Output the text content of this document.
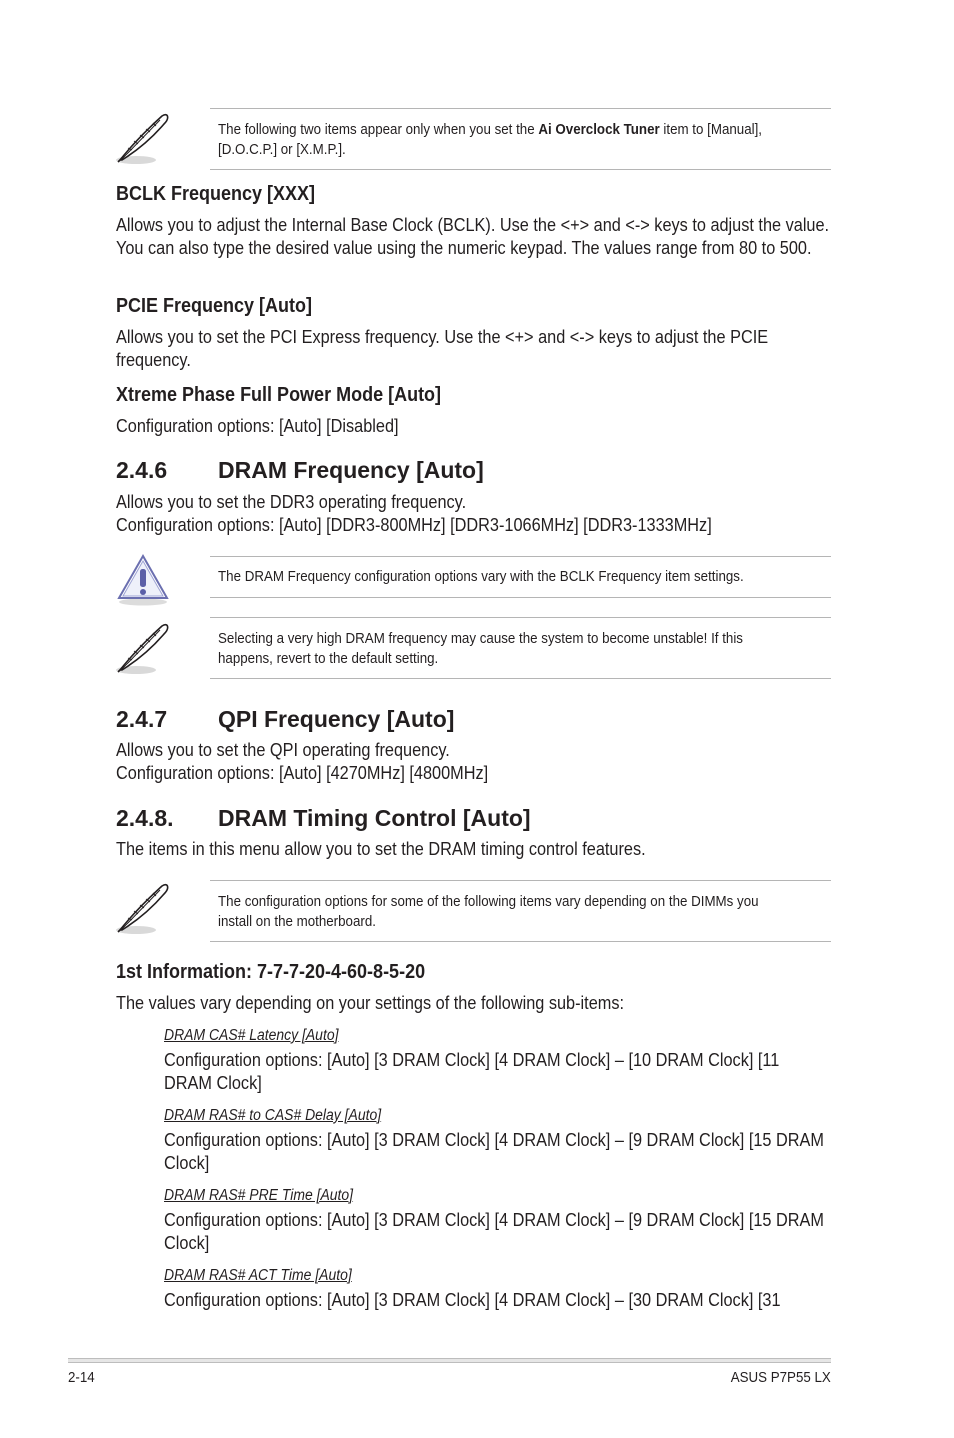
The following two items appear only when you set the Ai Overclock Tuner item to [Manual], [D.O.C.P.] or [X.M.P.].
BCLK Frequency [XXX]
Allows you to adjust the Internal Base Clock (BCLK). Use the <+> and <-> keys to adjust the value. You can also type the desired value using the numeric keypad. The values range from 80 to 500.
PCIE Frequency [Auto]
Allows you to set the PCI Express frequency. Use the <+> and <-> keys to adjust the PCIE frequency.
Xtreme Phase Full Power Mode [Auto]
Configuration options: [Auto] [Disabled]
2.4.6 DRAM Frequency [Auto]
Allows you to set the DDR3 operating frequency.
Configuration options: [Auto] [DDR3-800MHz] [DDR3-1066MHz] [DDR3-1333MHz]
The DRAM Frequency configuration options vary with the BCLK Frequency item settings.
Selecting a very high DRAM frequency may cause the system to become unstable! If this happens, revert to the default setting.
2.4.7 QPI Frequency [Auto]
Allows you to set the QPI operating frequency.
Configuration options: [Auto] [4270MHz] [4800MHz]
2.4.8. DRAM Timing Control [Auto]
The items in this menu allow you to set the DRAM timing control features.
The configuration options for some of the following items vary depending on the DIMMs you install on the motherboard.
1st Information: 7-7-7-20-4-60-8-5-20
The values vary depending on your settings of the following sub-items:
DRAM CAS# Latency [Auto]
Configuration options: [Auto] [3 DRAM Clock] [4 DRAM Clock] – [10 DRAM Clock] [11 DRAM Clock]
DRAM RAS# to CAS# Delay [Auto]
Configuration options: [Auto] [3 DRAM Clock] [4 DRAM Clock] – [9 DRAM Clock] [15 DRAM Clock]
DRAM RAS# PRE Time [Auto]
Configuration options: [Auto] [3 DRAM Clock] [4 DRAM Clock] – [9 DRAM Clock] [15 DRAM Clock]
DRAM RAS# ACT Time [Auto]
Configuration options: [Auto] [3 DRAM Clock] [4 DRAM Clock] – [30 DRAM Clock] [31
2-14	ASUS P7P55 LX
